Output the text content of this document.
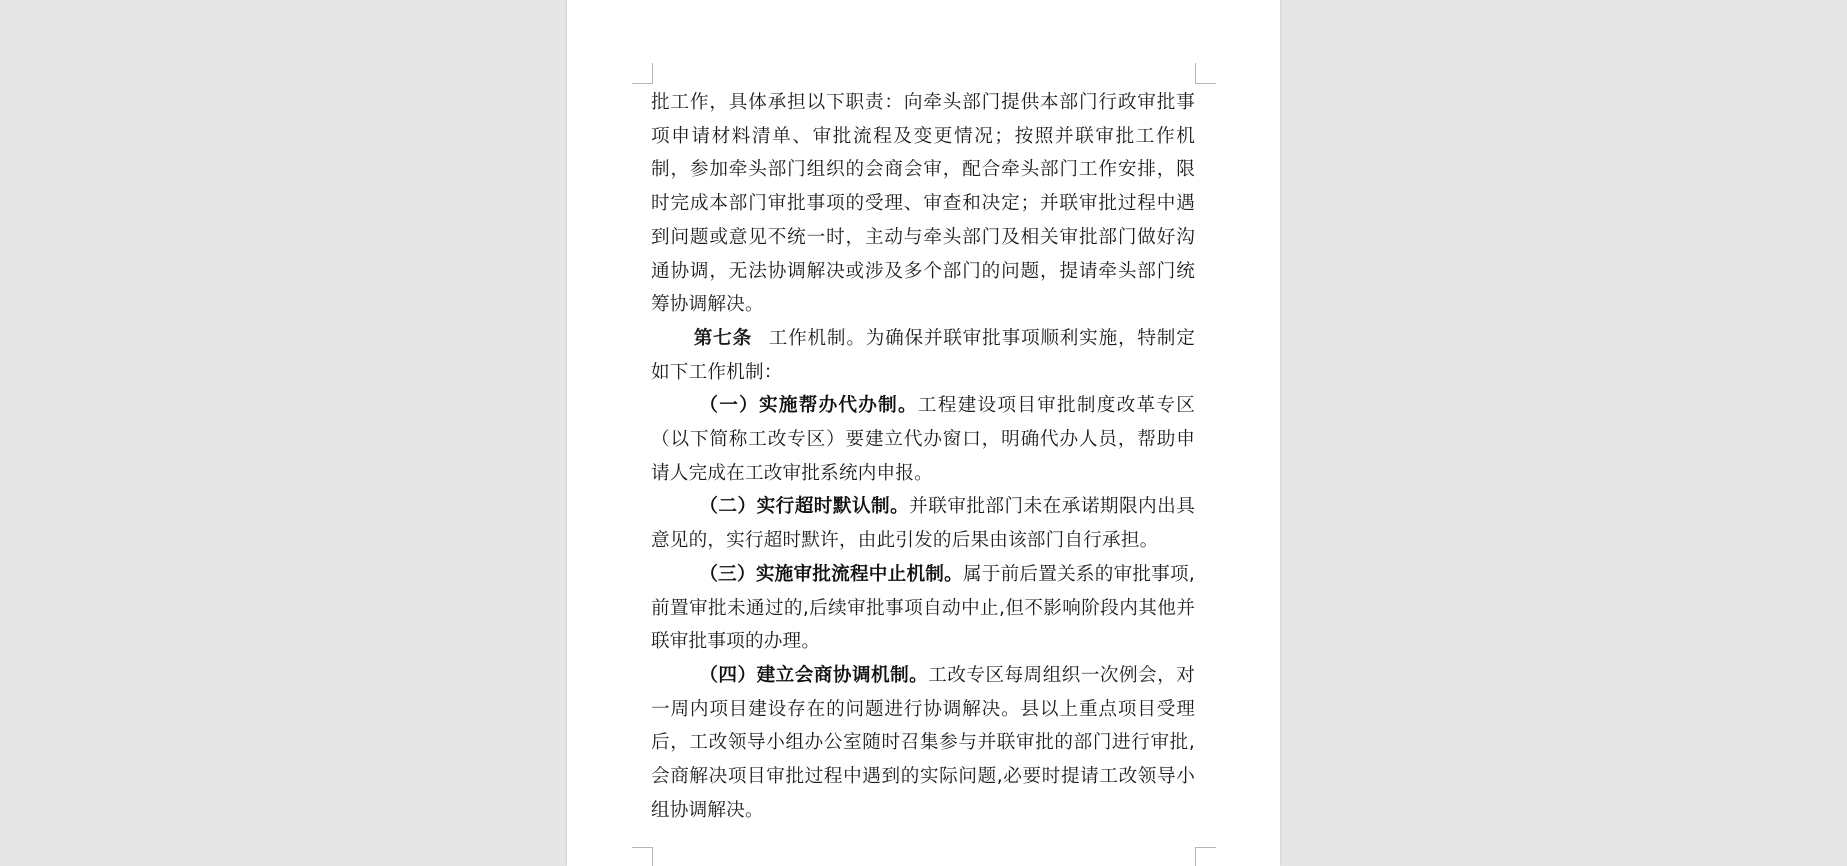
批工作，具体承担以下职责：向牵头部门提供本部门行政审批事项申请材料清单、审批流程及变更情况；按照并联审批工作机制，参加牵头部门组织的会商会审，配合牵头部门工作安排，限时完成本部门审批事项的受理、审查和决定；并联审批过程中遇到问题或意见不统一时，主动与牵头部门及相关审批部门做好沟通协调，无法协调解决或涉及多个部门的问题，提请牵头部门统筹协调解决。

第七条 工作机制。为确保并联审批事项顺利实施，特制定如下工作机制：

（一）实施帮办代办制。工程建设项目审批制度改革专区（以下简称工改专区）要建立代办窗口，明确代办人员，帮助申请人完成在工改审批系统内申报。

（二）实行超时默认制。并联审批部门未在承诺期限内出具意见的，实行超时默许，由此引发的后果由该部门自行承担。

（三）实施审批流程中止机制。属于前后置关系的审批事项,前置审批未通过的,后续审批事项自动中止,但不影响阶段内其他并联审批事项的办理。

（四）建立会商协调机制。工改专区每周组织一次例会，对一周内项目建设存在的问题进行协调解决。县以上重点项目受理后，工改领导小组办公室随时召集参与并联审批的部门进行审批,会商解决项目审批过程中遇到的实际问题,必要时提请工改领导小组协调解决。
